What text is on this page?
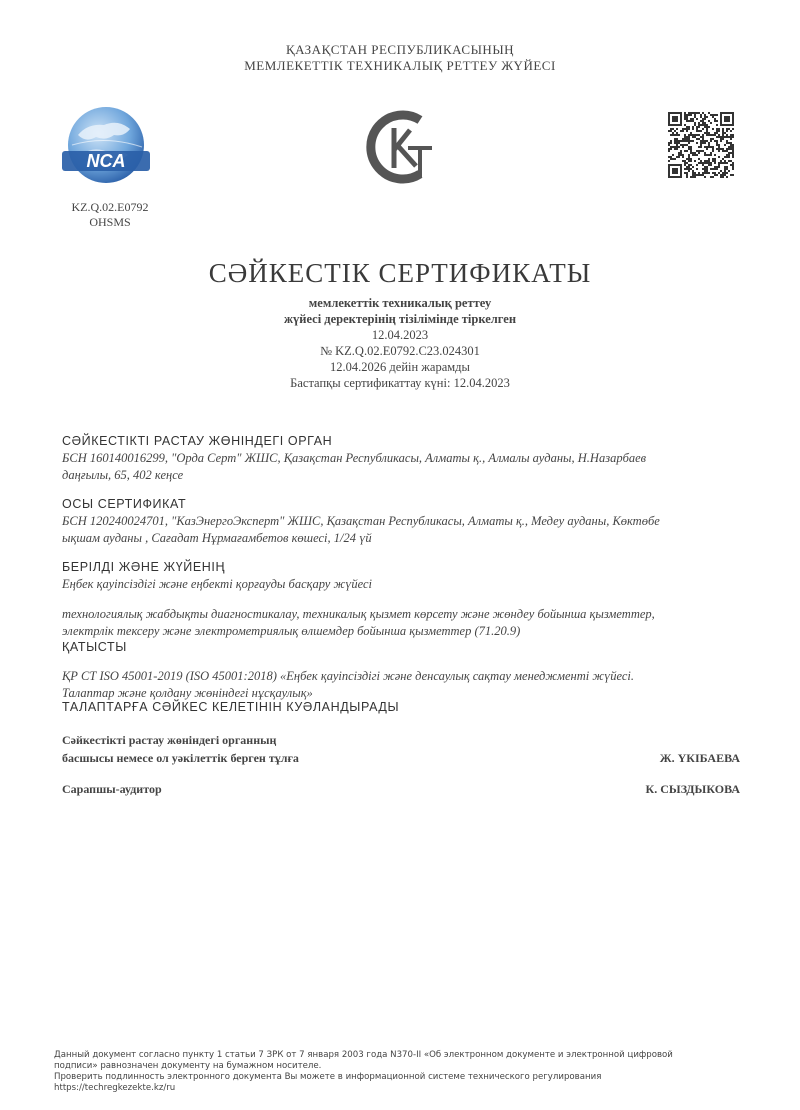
ҚАЗАҚСТАН РЕСПУБЛИКАСЫНЫҢ
МЕМЛЕКЕТТІК ТЕХНИКАЛЫҚ РЕТТЕУ ЖҮЙЕСІ
NCA
KZ.Q.02.E0792
OHSMS
СӘЙКЕСТІК СЕРТИФИКАТЫ
мемлекеттік техникалық реттеу
жүйесі деректерінің тізілімінде тіркелген
12.04.2023
№ KZ.Q.02.E0792.C23.024301
12.04.2026 дейін жарамды
Бастапқы сертификаттау күні: 12.04.2023
СӘЙКЕСТІКТІ РАСТАУ ЖӨНІНДЕГІ ОРГАН
БСН 160140016299, "Орда Серт" ЖШС, Қазақстан Республикасы, Алматы қ., Алмалы ауданы, Н.Назарбаев
даңғылы, 65, 402 кеңсе
ОСЫ СЕРТИФИКАТ
БСН 120240024701, "КазЭнергоЭксперт" ЖШС, Қазақстан Республикасы, Алматы қ., Медеу ауданы, Көктөбе
ықшам ауданы , Сағадат Нұрмағамбетов көшесі, 1/24 үй
БЕРІЛДІ ЖӘНЕ ЖҮЙЕНІҢ
Еңбек қауіпсіздігі және еңбекті қорғауды басқару жүйесі
технологиялық жабдықты диагностикалау, техникалық қызмет көрсету және жөндеу бойынша қызметтер,
электрлік тексеру және электрометриялық өлшемдер бойынша қызметтер (71.20.9)
ҚАТЫСТЫ
ҚР СТ ISO 45001-2019 (ISO 45001:2018) «Еңбек қауіпсіздігі және денсаулық сақтау менеджменті жүйесі.
Талаптар және қолдану жөніндегі нұсқаулық»
ТАЛАПТАРҒА СӘЙКЕС КЕЛЕТІНІН КУӘЛАНДЫРАДЫ
Сәйкестікті растау жөніндегі органның
басшысы немесе ол уәкілеттік берген тұлға	Ж. ҮКІБАЕВА
Сарапшы-аудитор	К. СЫЗДЫКОВА
Данный документ согласно пункту 1 статьи 7 ЗРК от 7 января 2003 года N370-II «Об электронном документе и электронной цифровой
подписи» равнозначен документу на бумажном носителе.
Проверить подлинность электронного документа Вы можете в информационной системе технического регулирования
https://techregkezekte.kz/ru
